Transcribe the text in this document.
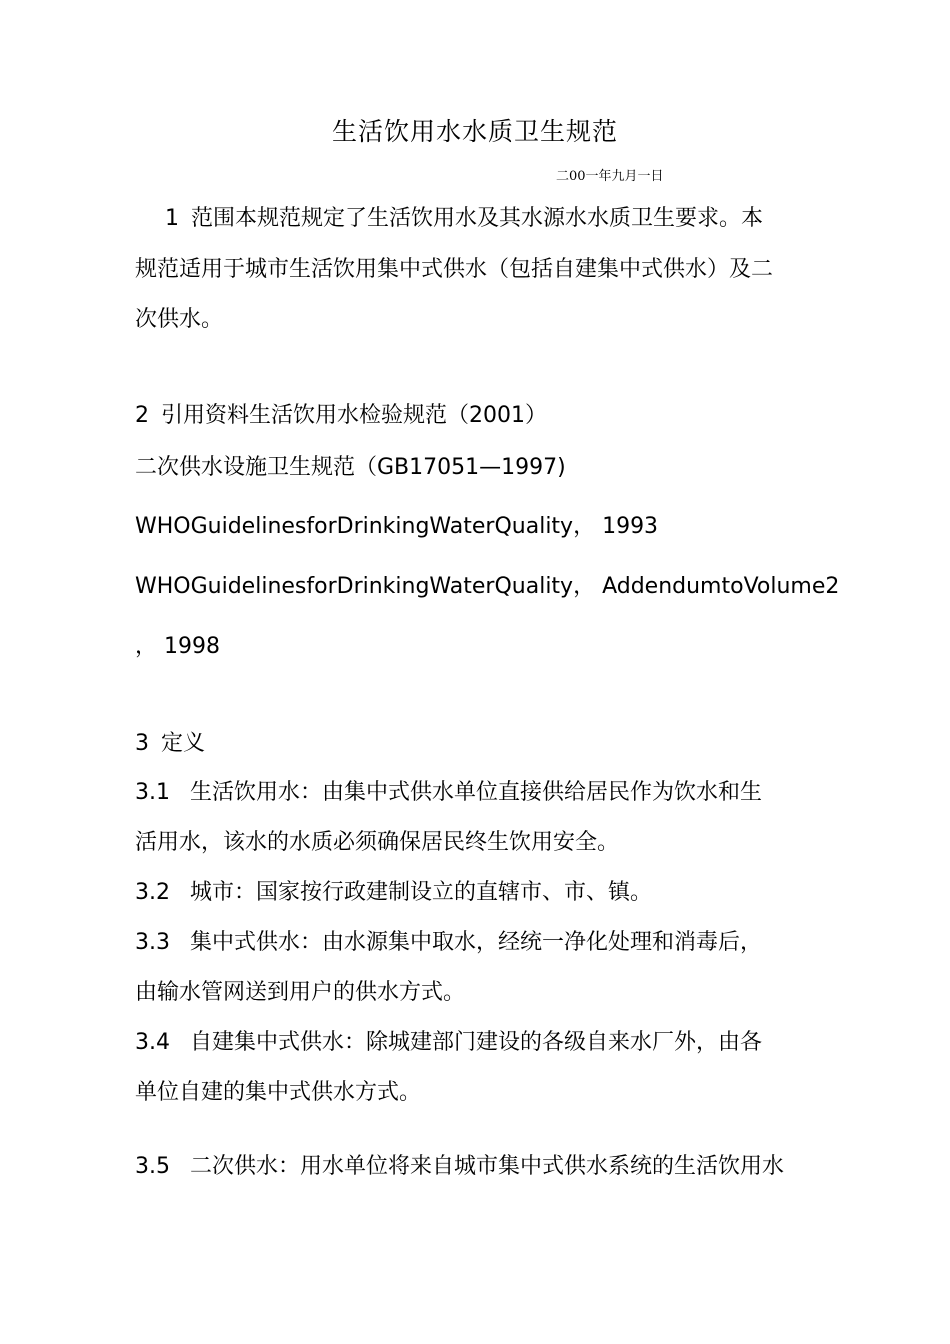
生活饮用水水质卫生规范
二00一年九月一日
1 范围本规范规定了生活饮用水及其水源水水质卫生要求。本
规范适用于城市生活饮用集中式供水（包括自建集中式供水）及二
次供水。
2 引用资料生活饮用水检验规范（2001）
二次供水设施卫生规范（GB17051—1997)
WHOGuidelinesforDrinkingWaterQuality， 1993
WHOGuidelinesforDrinkingWaterQuality， AddendumtoVolume2
， 1998
3 定义
3.1 生活饮用水：由集中式供水单位直接供给居民作为饮水和生
活用水，该水的水质必须确保居民终生饮用安全。
3.2 城市：国家按行政建制设立的直辖市、市、镇。
3.3 集中式供水：由水源集中取水，经统一净化处理和消毒后，
由输水管网送到用户的供水方式。
3.4 自建集中式供水：除城建部门建设的各级自来水厂外，由各
单位自建的集中式供水方式。
3.5 二次供水：用水单位将来自城市集中式供水系统的生活饮用水
